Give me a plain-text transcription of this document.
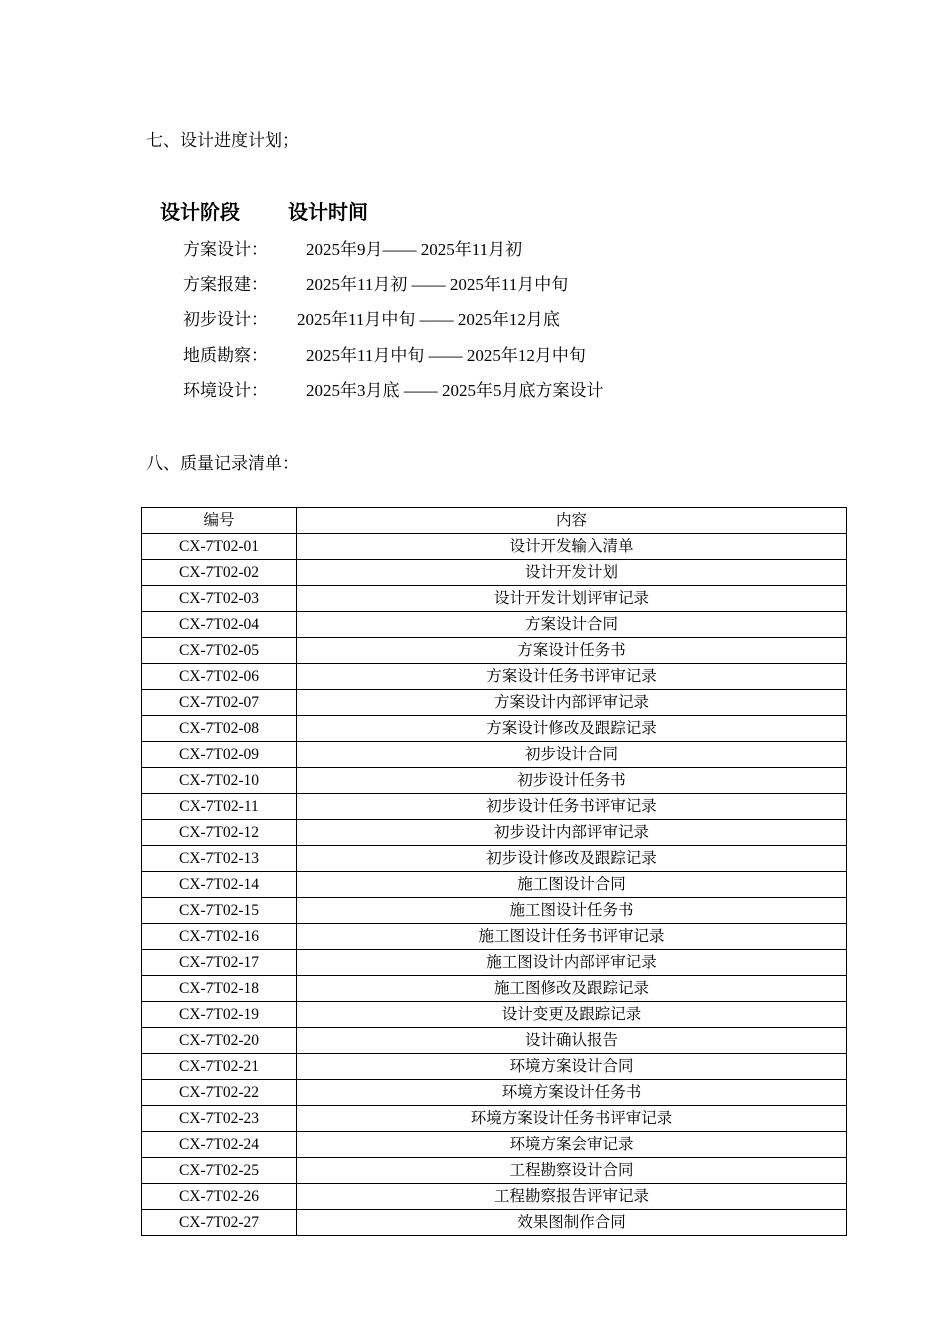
七、设计进度计划；
设计阶段 设计时间
方案设计： 2025年9月—— 2025年11月初
方案报建： 2025年11月初 —— 2025年11月中旬
初步设计： 2025年11月中旬 —— 2025年12月底
地质勘察： 2025年11月中旬 —— 2025年12月中旬
环境设计： 2025年3月底 —— 2025年5月底方案设计
八、质量记录清单：
编号	内容
CX-7T02-01	设计开发输入清单
CX-7T02-02	设计开发计划
CX-7T02-03	设计开发计划评审记录
CX-7T02-04	方案设计合同
CX-7T02-05	方案设计任务书
CX-7T02-06	方案设计任务书评审记录
CX-7T02-07	方案设计内部评审记录
CX-7T02-08	方案设计修改及跟踪记录
CX-7T02-09	初步设计合同
CX-7T02-10	初步设计任务书
CX-7T02-11	初步设计任务书评审记录
CX-7T02-12	初步设计内部评审记录
CX-7T02-13	初步设计修改及跟踪记录
CX-7T02-14	施工图设计合同
CX-7T02-15	施工图设计任务书
CX-7T02-16	施工图设计任务书评审记录
CX-7T02-17	施工图设计内部评审记录
CX-7T02-18	施工图修改及跟踪记录
CX-7T02-19	设计变更及跟踪记录
CX-7T02-20	设计确认报告
CX-7T02-21	环境方案设计合同
CX-7T02-22	环境方案设计任务书
CX-7T02-23	环境方案设计任务书评审记录
CX-7T02-24	环境方案会审记录
CX-7T02-25	工程勘察设计合同
CX-7T02-26	工程勘察报告评审记录
CX-7T02-27	效果图制作合同
